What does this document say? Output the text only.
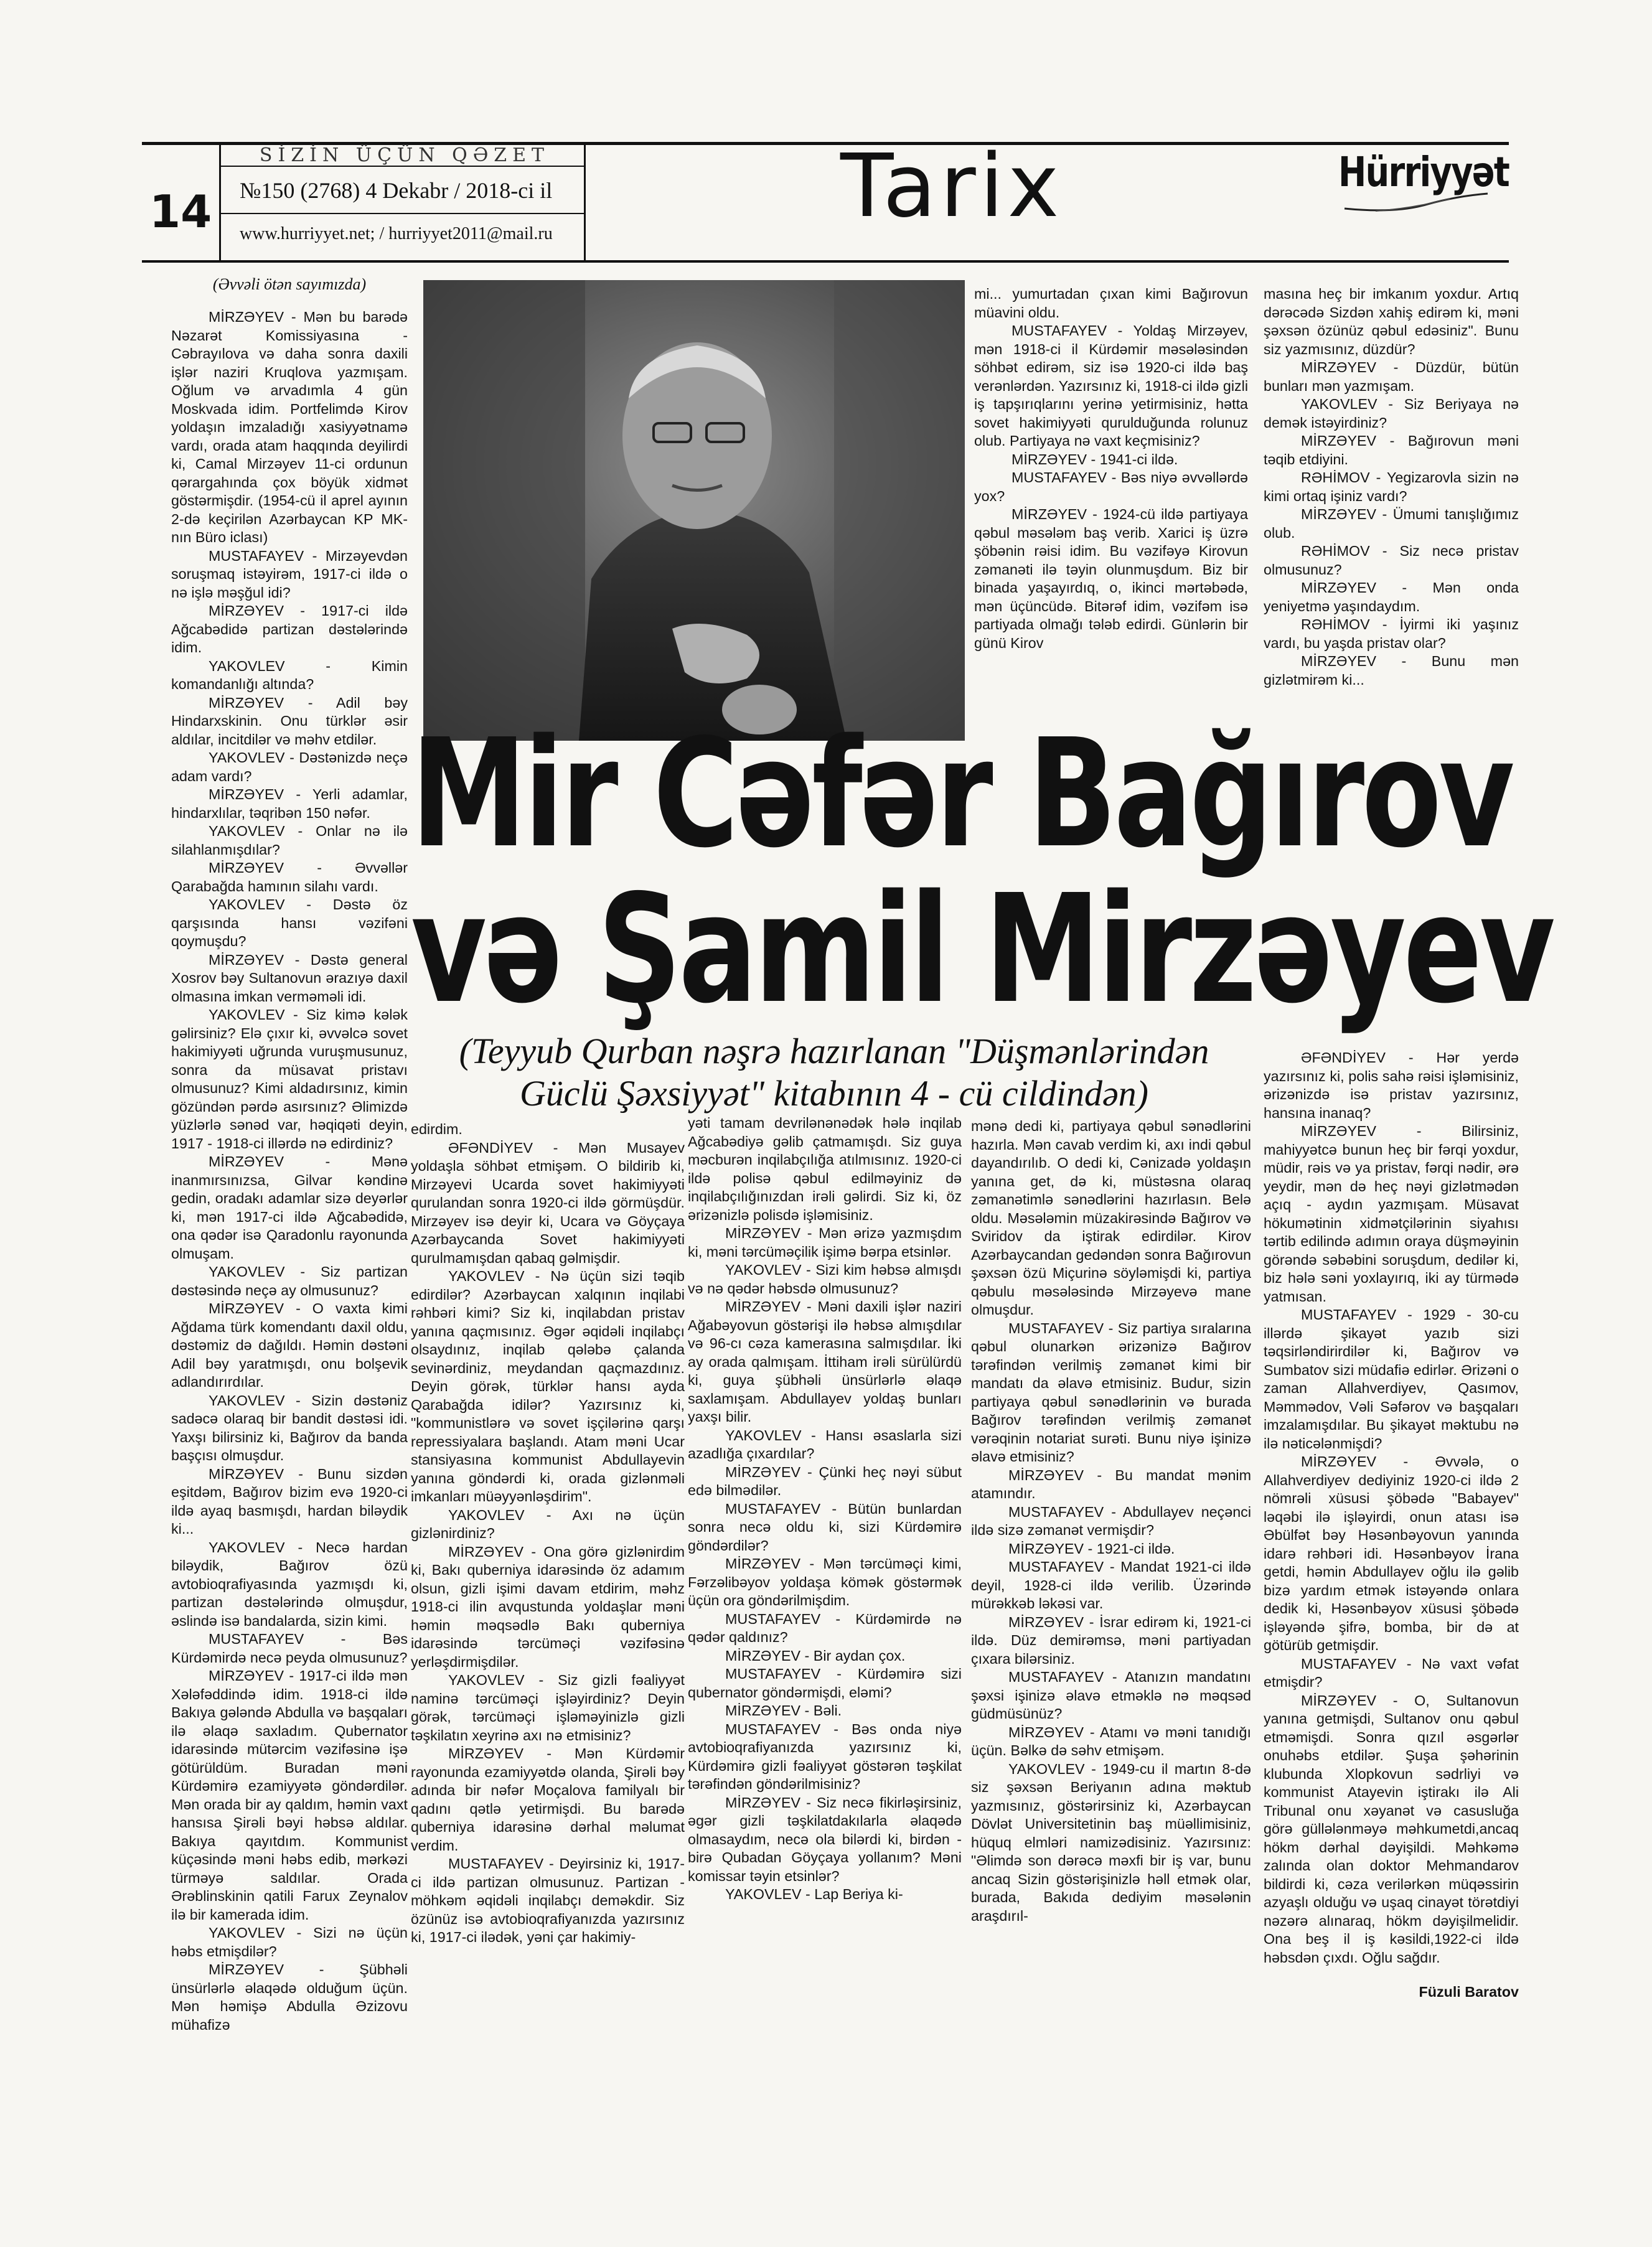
14
SİZİN ÜÇÜN QƏZET
№150 (2768) 4 Dekabr / 2018-ci il
www.hurriyyet.net; / hurriyyet2011@mail.ru	Tarix	Hürriyyət
(Əvvəli ötən sayımızda)

MİRZƏYEV - Mən bu barədə Nəzarət Komissiyasına - Cəbrayılova və daha sonra daxili işlər naziri Kruqlova yazmışam. Oğlum və arvadımla 4 gün Moskvada idim. Portfelimdə Kirov yoldaşın imzaladığı xasiyyətnamə vardı, orada atam haqqında deyilirdi ki, Camal Mirzəyev 11-ci ordunun qərargahında çox böyük xidmət göstərmişdir. (1954-cü il aprel ayının 2-də keçirilən Azərbaycan KP MK-nın Büro iclası)

MUSTAFAYEV - Mirzəyevdən soruşmaq istəyirəm, 1917-ci ildə o nə işlə məşğul idi?

MİRZƏYEV - 1917-ci ildə Ağcabədidə partizan dəstələrində idim.

YAKOVLEV - Kimin komandanlığı altında?

MİRZƏYEV - Adil bəy Hindarxskinin. Onu türklər əsir aldılar, incitdilər və məhv etdilər.

YAKOVLEV - Dəstənizdə neçə adam vardı?

MİRZƏYEV - Yerli adamlar, hindarxlılar, təqribən 150 nəfər.

YAKOVLEV - Onlar nə ilə silahlanmışdılar?

MİRZƏYEV - Əvvəllər Qarabağda hamının silahı vardı.

YAKOVLEV - Dəstə öz qarşısında hansı vəzifəni qoymuşdu?

MİRZƏYEV - Dəstə general Xosrov bəy Sultanovun ərazıyə daxil olmasına imkan verməməli idi.

YAKOVLEV - Siz kimə kələk gəlirsiniz? Elə çıxır ki, əvvəlcə sovet hakimiyyəti uğrunda vuruşmusunuz, sonra da müsavat pristavı olmusunuz? Kimi aldadırsınız, kimin gözündən pərdə asırsınız? Əlimizdə yüzlərlə sənəd var, həqiqəti deyin, 1917 - 1918-ci illərdə nə edirdiniz?

MİRZƏYEV - Mənə inanmırsınızsa, Gilvar kəndinə gedin, oradakı adamlar sizə deyərlər ki, mən 1917-ci ildə Ağcabədidə, ona qədər isə Qaradonlu rayonunda olmuşam.

YAKOVLEV - Siz partizan dəstəsində neçə ay olmusunuz?

MİRZƏYEV - O vaxta kimi Ağdama türk komendantı daxil oldu, dəstəmiz də dağıldı. Həmin dəstəni Adil bəy yaratmışdı, onu bolşevik adlandırırdılar.

YAKOVLEV - Sizin dəstəniz sadəcə olaraq bir bandit dəstəsi idi. Yaxşı bilirsiniz ki, Bağırov da banda başçısı olmuşdur.

MİRZƏYEV - Bunu sizdən eşitdəm, Bağırov bizim evə 1920-ci ildə ayaq basmışdı, hardan biləydik ki...

YAKOVLEV - Necə hardan biləydik, Bağırov özü avtobioqrafiyasında yazmışdı ki, partizan dəstələrində olmuşdur, əslində isə bandalarda, sizin kimi.

MUSTAFAYEV - Bəs Kürdəmirdə necə peyda olmusunuz?

MİRZƏYEV - 1917-ci ildə mən Xələfəddində idim. 1918-ci ildə Bakıya gələndə Abdulla və başqaları ilə əlaqə saxladım. Qubernator idarəsində mütərcim vəzifəsinə işə götürüldüm. Buradan məni Kürdəmirə ezamiyyətə göndərdilər. Mən orada bir ay qaldım, həmin vaxt hansısa Şirəli bəyi həbsə aldılar. Bakıya qayıtdım. Kommunist küçəsində məni həbs edib, mərkəzi türməyə saldılar. Orada Ərəblinskinin qatili Farux Zeynalov ilə bir kamerada idim.

YAKOVLEV - Sizi nə üçün həbs etmişdilər?

MİRZƏYEV - Şübhəli ünsürlərlə əlaqədə olduğum üçün. Mən həmişə Abdulla Əzizovu mühafizə

mi... yumurtadan çıxan kimi Bağırovun müavini oldu.

MUSTAFAYEV - Yoldaş Mirzəyev, mən 1918-ci il Kürdəmir məsələsindən söhbət edirəm, siz isə 1920-ci ildə baş verənlərdən. Yazırsınız ki, 1918-ci ildə gizli iş tapşırıqlarını yerinə yetirmisiniz, hətta sovet hakimiyyəti qurulduğunda rolunuz olub. Partiyaya nə vaxt keçmisiniz?

MİRZƏYEV - 1941-ci ildə.

MUSTAFAYEV - Bəs niyə əvvəllərdə yox?

MİRZƏYEV - 1924-cü ildə partiyaya qəbul məsələm baş verib. Xarici iş üzrə şöbənin rəisi idim. Bu vəzifəyə Kirovun zəmanəti ilə təyin olunmuşdum. Biz bir binada yaşayırdıq, o, ikinci mərtəbədə, mən üçüncüdə. Bitərəf idim, vəzifəm isə partiyada olmağı tələb edirdi. Günlərin bir günü Kirov

masına heç bir imkanım yoxdur. Artıq dərəcədə Sizdən xahiş edirəm ki, məni şəxsən özünüz qəbul edəsiniz". Bunu siz yazmısınız, düzdür?

MİRZƏYEV - Düzdür, bütün bunları mən yazmışam.

YAKOVLEV - Siz Beriyaya nə demək istəyirdiniz?

MİRZƏYEV - Bağırovun məni təqib etdiyini.

RƏHİMOV - Yegizarovla sizin nə kimi ortaq işiniz vardı?

MİRZƏYEV - Ümumi tanışlığımız olub.

RƏHİMOV - Siz necə pristav olmusunuz?

MİRZƏYEV - Mən onda yeniyetmə yaşındaydım.

RƏHİMOV - İyirmi iki yaşınız vardı, bu yaşda pristav olar?

MİRZƏYEV - Bunu mən gizlətmirəm ki...

Mir Cəfər Bağırov
və Şamil Mirzəyev
(Teyyub Qurban nəşrə hazırlanan "Düşmənlərindən Güclü Şəxsiyyət" kitabının 4 - cü cildindən)

edirdim.

ƏFƏNDİYEV - Mən Musayev yoldaşla söhbət etmişəm. O bildirib ki, Mirzəyevi Ucarda sovet hakimiyyəti qurulandan sonra 1920-ci ildə görmüşdür. Mirzəyev isə deyir ki, Ucara və Göyçaya Azərbaycanda Sovet hakimiyyəti qurulmamışdan qabaq gəlmişdir.

YAKOVLEV - Nə üçün sizi təqib edirdilər? Azərbaycan xalqının inqilabi rəhbəri kimi? Siz ki, inqilabdan pristav yanına qaçmısınız. Əgər əqidəli inqilabçı olsaydınız, inqilab qələbə çalanda sevinərdiniz, meydandan qaçmazdınız. Deyin görək, türklər hansı ayda Qarabağda idilər? Yazırsınız ki, "kommunistlərə və sovet işçilərinə qarşı repressiyalara başlandı. Atam məni Ucar stansiyasına kommunist Abdullayevin yanına göndərdi ki, orada gizlənməli imkanları müəyyənləşdirim".

YAKOVLEV - Axı nə üçün gizlənirdiniz?

MİRZƏYEV - Ona görə gizlənirdim ki, Bakı quberniya idarəsində öz adamım olsun, gizli işimi davam etdirim, məhz 1918-ci ilin avqustunda yoldaşlar məni həmin məqsədlə Bakı quberniya idarəsində tərcüməçi vəzifəsinə yerləşdirmişdilər.

YAKOVLEV - Siz gizli fəaliyyət naminə tərcüməçi işləyirdiniz? Deyin görək, tərcüməçi işləməyinizlə gizli təşkilatın xeyrinə axı nə etmisiniz?

MİRZƏYEV - Mən Kürdəmir rayonunda ezamiyyətdə olanda, Şirəli bəy adında bir nəfər Moçalova familyalı bir qadını qətlə yetirmişdi. Bu barədə quberniya idarəsinə dərhal məlumat verdim.

MUSTAFAYEV - Deyirsiniz ki, 1917-ci ildə partizan olmusunuz. Partizan - möhkəm əqidəli inqilabçı deməkdir. Siz özünüz isə avtobioqrafiyanızda yazırsınız ki, 1917-ci ilədək, yəni çar hakimiy-

yəti tamam devrilənənədək hələ inqilab Ağcabədiyə gəlib çatmamışdı. Siz guya məcburən inqilabçılığa atılmısınız. 1920-ci ildə polisə qəbul edilməyiniz də inqilabçılığınızdan irəli gəlirdi. Siz ki, öz ərizənizlə polisdə işləmisiniz.

MİRZƏYEV - Mən ərizə yazmışdım ki, məni tərcüməçilik işimə bərpa etsinlər.

YAKOVLEV - Sizi kim həbsə almışdı və nə qədər həbsdə olmusunuz?

MİRZƏYEV - Məni daxili işlər naziri Ağabəyovun göstərişi ilə həbsə almışdılar və 96-cı cəza kamerasına salmışdılar. İki ay orada qalmışam. İttiham irəli sürülürdü ki, guya şübhəli ünsürlərlə əlaqə saxlamışam. Abdullayev yoldaş bunları yaxşı bilir.

YAKOVLEV - Hansı əsaslarla sizi azadlığa çıxardılar?

MİRZƏYEV - Çünki heç nəyi sübut edə bilmədilər.

MUSTAFAYEV - Bütün bunlardan sonra necə oldu ki, sizi Kürdəmirə göndərdilər?

MİRZƏYEV - Mən tərcüməçi kimi, Fərzəlibəyov yoldaşa kömək göstərmək üçün ora göndərilmişdim.

MUSTAFAYEV - Kürdəmirdə nə qədər qaldınız?

MİRZƏYEV - Bir aydan çox.

MUSTAFAYEV - Kürdəmirə sizi qubernator göndərmişdi, eləmi?

MİRZƏYEV - Bəli.

MUSTAFAYEV - Bəs onda niyə avtobioqrafiyanızda yazırsınız ki, Kürdəmirə gizli fəaliyyət göstərən təşkilat tərəfindən göndərilmisiniz?

MİRZƏYEV - Siz necə fikirləşirsiniz, əgər gizli təşkilatdakılarla əlaqədə olmasaydım, necə ola bilərdi ki, birdən - birə Qubadan Göyçaya yollanım? Məni komissar təyin etsinlər?

YAKOVLEV - Lap Beriya ki-

mənə dedi ki, partiyaya qəbul sənədlərini hazırla. Mən cavab verdim ki, axı indi qəbul dayandırılıb. O dedi ki, Cənizadə yoldaşın yanına get, də ki, müstəsna olaraq zəmanətimlə sənədlərini hazırlasın. Belə oldu. Məsələmin müzakirəsində Bağırov və Sviridov da iştirak edirdilər. Kirov Azərbaycandan gedəndən sonra Bağırovun şəxsən özü Miçurinə söyləmişdi ki, partiya qəbulu məsələsində Mirzəyevə mane olmuşdur.

MUSTAFAYEV - Siz partiya sıralarına qəbul olunarkən ərizənizə Bağırov tərəfindən verilmiş zəmanət kimi bir mandatı da əlavə etmisiniz. Budur, sizin partiyaya qəbul sənədlərinin və burada Bağırov tərəfindən verilmiş zəmanət vərəqinin notariat surəti. Bunu niyə işinizə əlavə etmisiniz?

MİRZƏYEV - Bu mandat mənim atamındır.

MUSTAFAYEV - Abdullayev neçənci ildə sizə zəmanət vermişdir?

MİRZƏYEV - 1921-ci ildə.

MUSTAFAYEV - Mandat 1921-ci ildə deyil, 1928-ci ildə verilib. Üzərində mürəkkəb ləkəsi var.

MİRZƏYEV - İsrar edirəm ki, 1921-ci ildə. Düz demirəmsə, məni partiyadan çıxara bilərsiniz.

MUSTAFAYEV - Atanızın mandatını şəxsi işinizə əlavə etməklə nə məqsəd güdmüsünüz?

MİRZƏYEV - Atamı və məni tanıdığı üçün. Bəlkə də səhv etmişəm.

YAKOVLEV - 1949-cu il martın 8-də siz şəxsən Beriyanın adına məktub yazmısınız, göstərirsiniz ki, Azərbaycan Dövlət Universitetinin baş müəllimisiniz, hüquq elmləri namizədisiniz. Yazırsınız: "Əlimdə son dərəcə məxfi bir iş var, bunu ancaq Sizin göstərişinizlə həll etmək olar, burada, Bakıda dediyim məsələnin araşdırıl-

ƏFƏNDİYEV - Hər yerdə yazırsınız ki, polis sahə rəisi işləmisiniz, ərizənizdə isə pristav yazırsınız, hansına inanaq?

MİRZƏYEV - Bilirsiniz, mahiyyətcə bunun heç bir fərqi yoxdur, müdir, rəis və ya pristav, fərqi nədir, ərə yeydir, mən də heç nəyi gizlətmədən açıq - aydın yazmışam. Müsavat hökumətinin xidmətçilərinin siyahısı tərtib edilində adımın oraya düşməyinin görəndə səbəbini soruşdum, dedilər ki, biz hələ səni yoxlayırıq, iki ay türmədə yatmısan.

MUSTAFAYEV - 1929 - 30-cu illərdə şikayət yazıb sizi təqsirləndirirdilər ki, Bağırov və Sumbatov sizi müdafiə edirlər. Ərizəni o zaman Allahverdiyev, Qasımov, Məmmədov, Vəli Səfərov və başqaları imzalamışdılar. Bu şikayət məktubu nə ilə nəticələnmişdi?

MİRZƏYEV - Əvvələ, o Allahverdiyev dediyiniz 1920-ci ildə 2 nömrəli xüsusi şöbədə "Babayev" ləqəbi ilə işləyirdi, onun atası isə Əbülfət bəy Həsənbəyovun yanında idarə rəhbəri idi. Həsənbəyov İrana getdi, həmin Abdullayev oğlu ilə gəlib bizə yardım etmək istəyəndə onlara dedik ki, Həsənbəyov xüsusi şöbədə işləyəndə şifrə, bomba, bir də at götürüb getmişdir.

MUSTAFAYEV - Nə vaxt vəfat etmişdir?

MİRZƏYEV - O, Sultanovun yanına getmişdi, Sultanov onu qəbul etməmişdi. Sonra qızıl əsgərlər onuhəbs etdilər. Şuşa şəhərinin klubunda Xlopkovun sədrliyi və kommunist Atayevin iştirakı ilə Ali Tribunal onu xəyanət və casusluğa görə güllələnməyə məhkumetdi,ancaq hökm dərhal dəyişildi. Məhkəmə zalında olan doktor Mehmandarov bildirdi ki, cəza verilərkən müqəssirin azyaşlı olduğu və uşaq cinayət törətdiyi nəzərə alınaraq, hökm dəyişilmelidir. Ona beş il iş kəsildi,1922-ci ildə həbsdən çıxdı. Oğlu sağdır.

Füzuli Baratov
